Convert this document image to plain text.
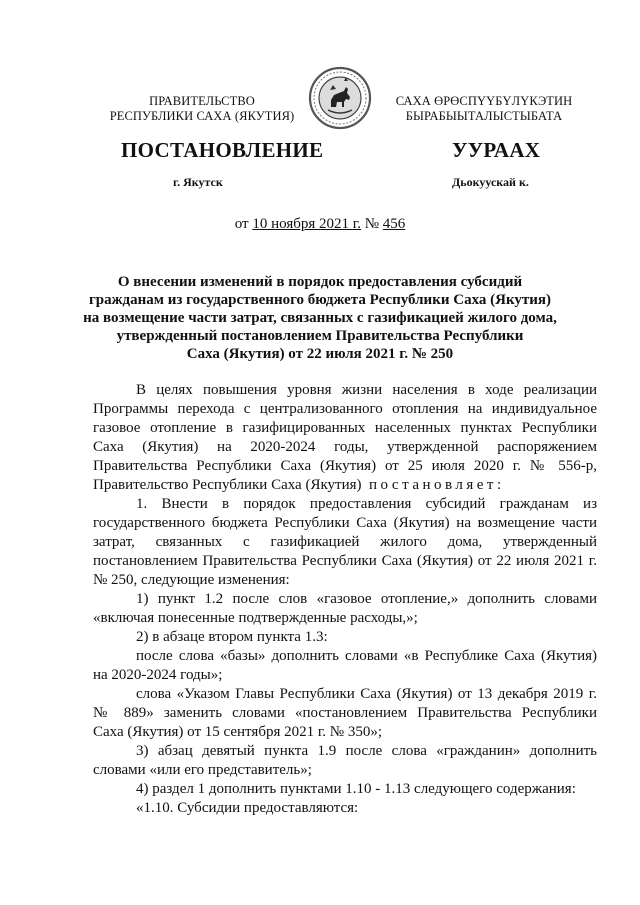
ПРАВИТЕЛЬСТВО
РЕСПУБЛИКИ САХА (ЯКУТИЯ)
САХА ӨРӨСПҮҮБҮЛҮКЭТИН
БЫРАБЫЫТАЛЫСТЫБАТА
ПОСТАНОВЛЕНИЕ	УУРААХ
г. Якутск	Дьокуускай к.
от 10 ноября 2021 г. № 456
О внесении изменений в порядок предоставления субсидий
гражданам из государственного бюджета Республики Саха (Якутия)
на возмещение части затрат, связанных с газификацией жилого дома,
утвержденный постановлением Правительства Республики
Саха (Якутия) от 22 июля 2021 г. № 250

В целях повышения уровня жизни населения в ходе реализации

Программы перехода с централизованного отопления на индивидуальное

газовое отопление в газифицированных населенных пунктах Республики

Саха (Якутия) на 2020-2024 годы, утвержденной распоряжением

Правительства Республики Саха (Якутия) от 25 июля 2020 г. № 556-р,

Правительство Республики Саха (Якутия) постановляет:

1. Внести в порядок предоставления субсидий гражданам из

государственного бюджета Республики Саха (Якутия) на возмещение части

затрат, связанных с газификацией жилого дома, утвержденный

постановлением Правительства Республики Саха (Якутия) от 22 июля 2021 г.

№ 250, следующие изменения:

1) пункт 1.2 после слов «газовое отопление,» дополнить словами

«включая понесенные подтвержденные расходы,»;

2) в абзаце втором пункта 1.3:

после слова «базы» дополнить словами «в Республике Саха (Якутия)

на 2020-2024 годы»;

слова «Указом Главы Республики Саха (Якутия) от 13 декабря 2019 г.

№ 889» заменить словами «постановлением Правительства Республики

Саха (Якутия) от 15 сентября 2021 г. № 350»;

3) абзац девятый пункта 1.9 после слова «гражданин» дополнить

словами «или его представитель»;

4) раздел 1 дополнить пунктами 1.10 - 1.13 следующего содержания:

«1.10. Субсидии предоставляются:
